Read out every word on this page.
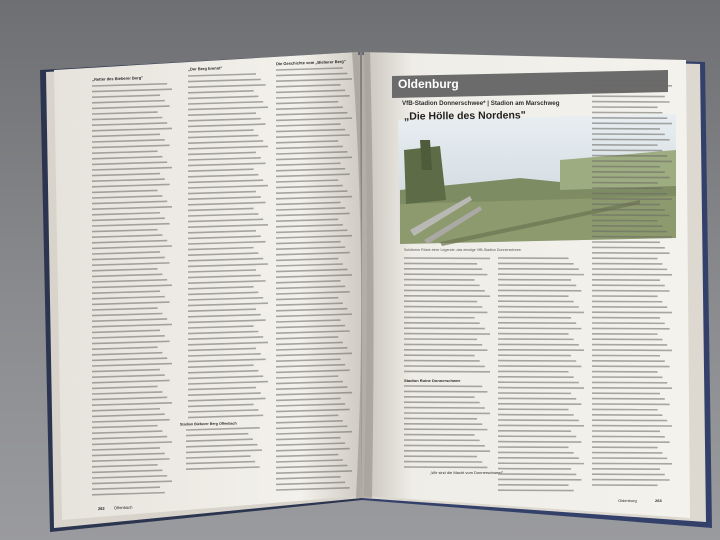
Oldenburg
VfB-Stadion Donnerschwee* | Stadion am Marschweg
„Die Hölle des Nordens"
Schöbene Röste einer Legende: das einstige VfB-Stadion Donnerschwee.
Stadion Ruine Donnerschwee
„Wir sind die Macht vom Donnerschwee!"
Oldenburg	263
„Retter des Bieberer Berg"
„Der Berg brennt"
Die Geschichte vom „Bieberer Berg"
Stadion Bieberer Berg Offenbach
262 Offenbach
